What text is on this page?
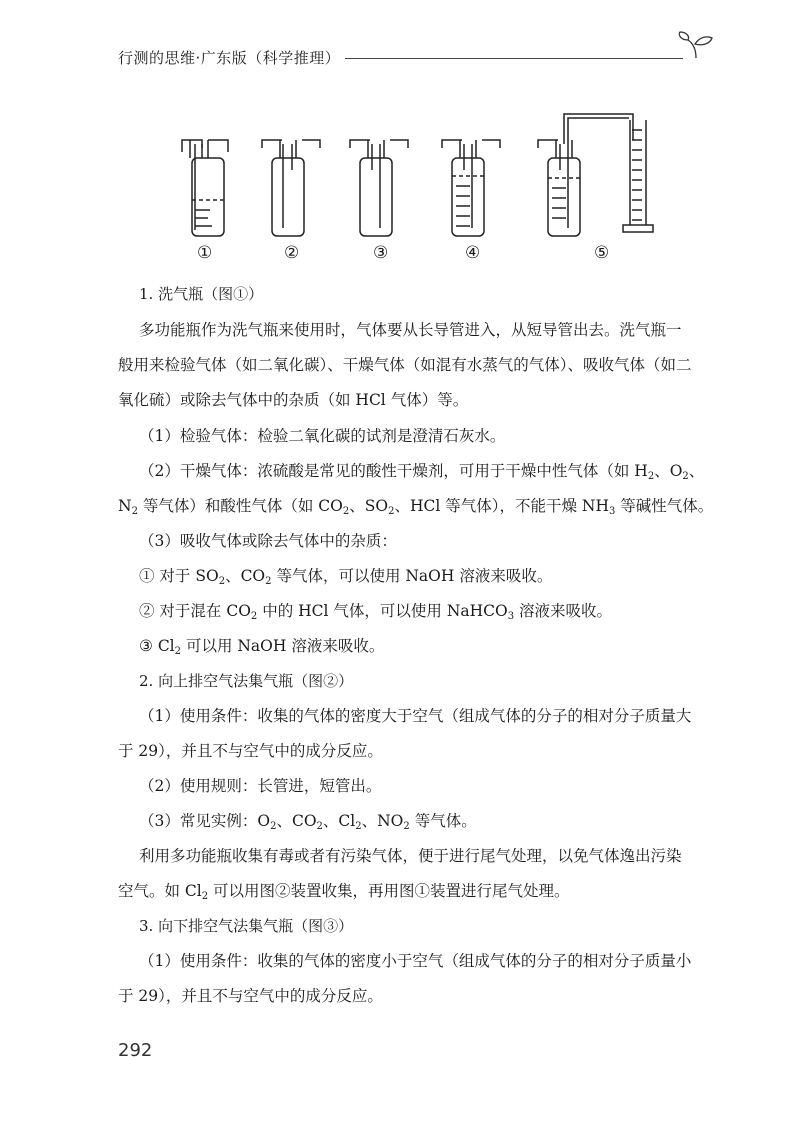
行测的思维·广东版（科学推理）
①	②	③	④	⑤
1. 洗气瓶（图①）
多功能瓶作为洗气瓶来使用时，气体要从长导管进入，从短导管出去。洗气瓶一
般用来检验气体（如二氧化碳）、干燥气体（如混有水蒸气的气体）、吸收气体（如二
氧化硫）或除去气体中的杂质（如 HCl 气体）等。
（1）检验气体：检验二氧化碳的试剂是澄清石灰水。
（2）干燥气体：浓硫酸是常见的酸性干燥剂，可用于干燥中性气体（如 $H_2$、$O_2$、
$N_2$ 等气体）和酸性气体（如 $CO_2$、$SO_2$、HCl 等气体），不能干燥 $NH_3$ 等碱性气体。
（3）吸收气体或除去气体中的杂质：
① 对于 $SO_2$、$CO_2$ 等气体，可以使用 NaOH 溶液来吸收。
② 对于混在 $CO_2$ 中的 HCl 气体，可以使用 NaHCO$_3$ 溶液来吸收。
③ $Cl_2$ 可以用 NaOH 溶液来吸收。
2. 向上排空气法集气瓶（图②）
（1）使用条件：收集的气体的密度大于空气（组成气体的分子的相对分子质量大
于 29），并且不与空气中的成分反应。
（2）使用规则：长管进，短管出。
（3）常见实例：$O_2$、$CO_2$、$Cl_2$、$NO_2$ 等气体。
利用多功能瓶收集有毒或者有污染气体，便于进行尾气处理，以免气体逸出污染
空气。如 $Cl_2$ 可以用图②装置收集，再用图①装置进行尾气处理。
3. 向下排空气法集气瓶（图③）
（1）使用条件：收集的气体的密度小于空气（组成气体的分子的相对分子质量小
于 29），并且不与空气中的成分反应。
292
